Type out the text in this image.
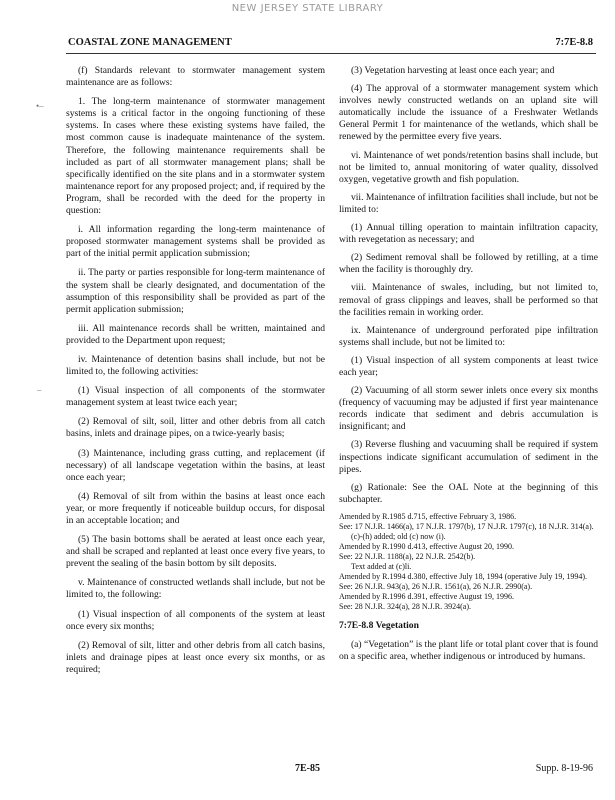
NEW JERSEY STATE LIBRARY
COASTAL ZONE MANAGEMENT	7:7E-8.8
•–
–

(f) Standards relevant to stormwater management system maintenance are as follows:

1. The long-term maintenance of stormwater management systems is a critical factor in the ongoing functioning of these systems. In cases where these existing systems have failed, the most common cause is inadequate maintenance of the system. Therefore, the following maintenance requirements shall be included as part of all stormwater management plans; shall be specifically identified on the site plans and in a stormwater system maintenance report for any proposed project; and, if required by the Program, shall be recorded with the deed for the property in question:

i. All information regarding the long-term maintenance of proposed stormwater management systems shall be provided as part of the initial permit application submission;

ii. The party or parties responsible for long-term maintenance of the system shall be clearly designated, and documentation of the assumption of this responsibility shall be provided as part of the permit application submission;

iii. All maintenance records shall be written, maintained and provided to the Department upon request;

iv. Maintenance of detention basins shall include, but not be limited to, the following activities:

(1) Visual inspection of all components of the stormwater management system at least twice each year;

(2) Removal of silt, soil, litter and other debris from all catch basins, inlets and drainage pipes, on a twice-yearly basis;

(3) Maintenance, including grass cutting, and replacement (if necessary) of all landscape vegetation within the basins, at least once each year;

(4) Removal of silt from within the basins at least once each year, or more frequently if noticeable buildup occurs, for disposal in an acceptable location; and

(5) The basin bottoms shall be aerated at least once each year, and shall be scraped and replanted at least once every five years, to prevent the sealing of the basin bottom by silt deposits.

v. Maintenance of constructed wetlands shall include, but not be limited to, the following:

(1) Visual inspection of all components of the system at least once every six months;

(2) Removal of silt, litter and other debris from all catch basins, inlets and drainage pipes at least once every six months, or as required;

(3) Vegetation harvesting at least once each year; and

(4) The approval of a stormwater management system which involves newly constructed wetlands on an upland site will automatically include the issuance of a Freshwater Wetlands General Permit 1 for maintenance of the wetlands, which shall be renewed by the permittee every five years.

vi. Maintenance of wet ponds/retention basins shall include, but not be limited to, annual monitoring of water quality, dissolved oxygen, vegetative growth and fish population.

vii. Maintenance of infiltration facilities shall include, but not be limited to:

(1) Annual tilling operation to maintain infiltration capacity, with revegetation as necessary; and

(2) Sediment removal shall be followed by retilling, at a time when the facility is thoroughly dry.

viii. Maintenance of swales, including, but not limited to, removal of grass clippings and leaves, shall be performed so that the facilities remain in working order.

ix. Maintenance of underground perforated pipe infiltration systems shall include, but not be limited to:

(1) Visual inspection of all system components at least twice each year;

(2) Vacuuming of all storm sewer inlets once every six months (frequency of vacuuming may be adjusted if first year maintenance records indicate that sediment and debris accumulation is insignificant; and

(3) Reverse flushing and vacuuming shall be required if system inspections indicate significant accumulation of sediment in the pipes.

(g) Rationale: See the OAL Note at the beginning of this subchapter.

Amended by R.1985 d.715, effective February 3, 1986.
See: 17 N.J.R. 1466(a), 17 N.J.R. 1797(b), 17 N.J.R. 1797(c), 18 N.J.R. 314(a).
(c)-(h) added; old (c) now (i).
Amended by R.1990 d.413, effective August 20, 1990.
See: 22 N.J.R. 1188(a), 22 N.J.R. 2542(b).
Text added at (c)li.
Amended by R.1994 d.380, effective July 18, 1994 (operative July 19, 1994).
See: 26 N.J.R. 943(a), 26 N.J.R. 1561(a), 26 N.J.R. 2990(a).
Amended by R.1996 d.391, effective August 19, 1996.
See: 28 N.J.R. 324(a), 28 N.J.R. 3924(a).

7:7E-8.8 Vegetation

(a) “Vegetation” is the plant life or total plant cover that is found on a specific area, whether indigenous or introduced by humans.

7E-85	Supp. 8-19-96
